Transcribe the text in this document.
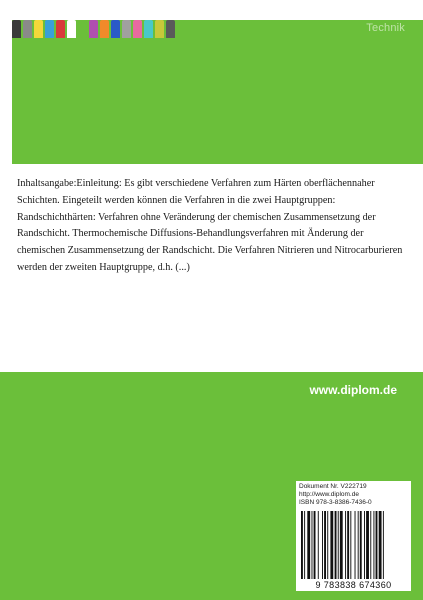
Technik

Inhaltsangabe:Einleitung: Es gibt verschiedene Verfahren zum Härten oberflächennaher Schichten. Eingeteilt werden können die Verfahren in die zwei Hauptgruppen: Randschichthärten: Verfahren ohne Veränderung der chemischen Zusammensetzung der Randschicht. Thermochemische Diffusions-Behandlungsverfahren mit Änderung der chemischen Zusammensetzung der Randschicht. Die Verfahren Nitrieren und Nitrocarburieren werden der zweiten Hauptgruppe, d.h. (...)

www.diplom.de

Dokument Nr. V222719
http://www.diplom.de
ISBN 978-3-8386-7436-0
9 783838 674360
